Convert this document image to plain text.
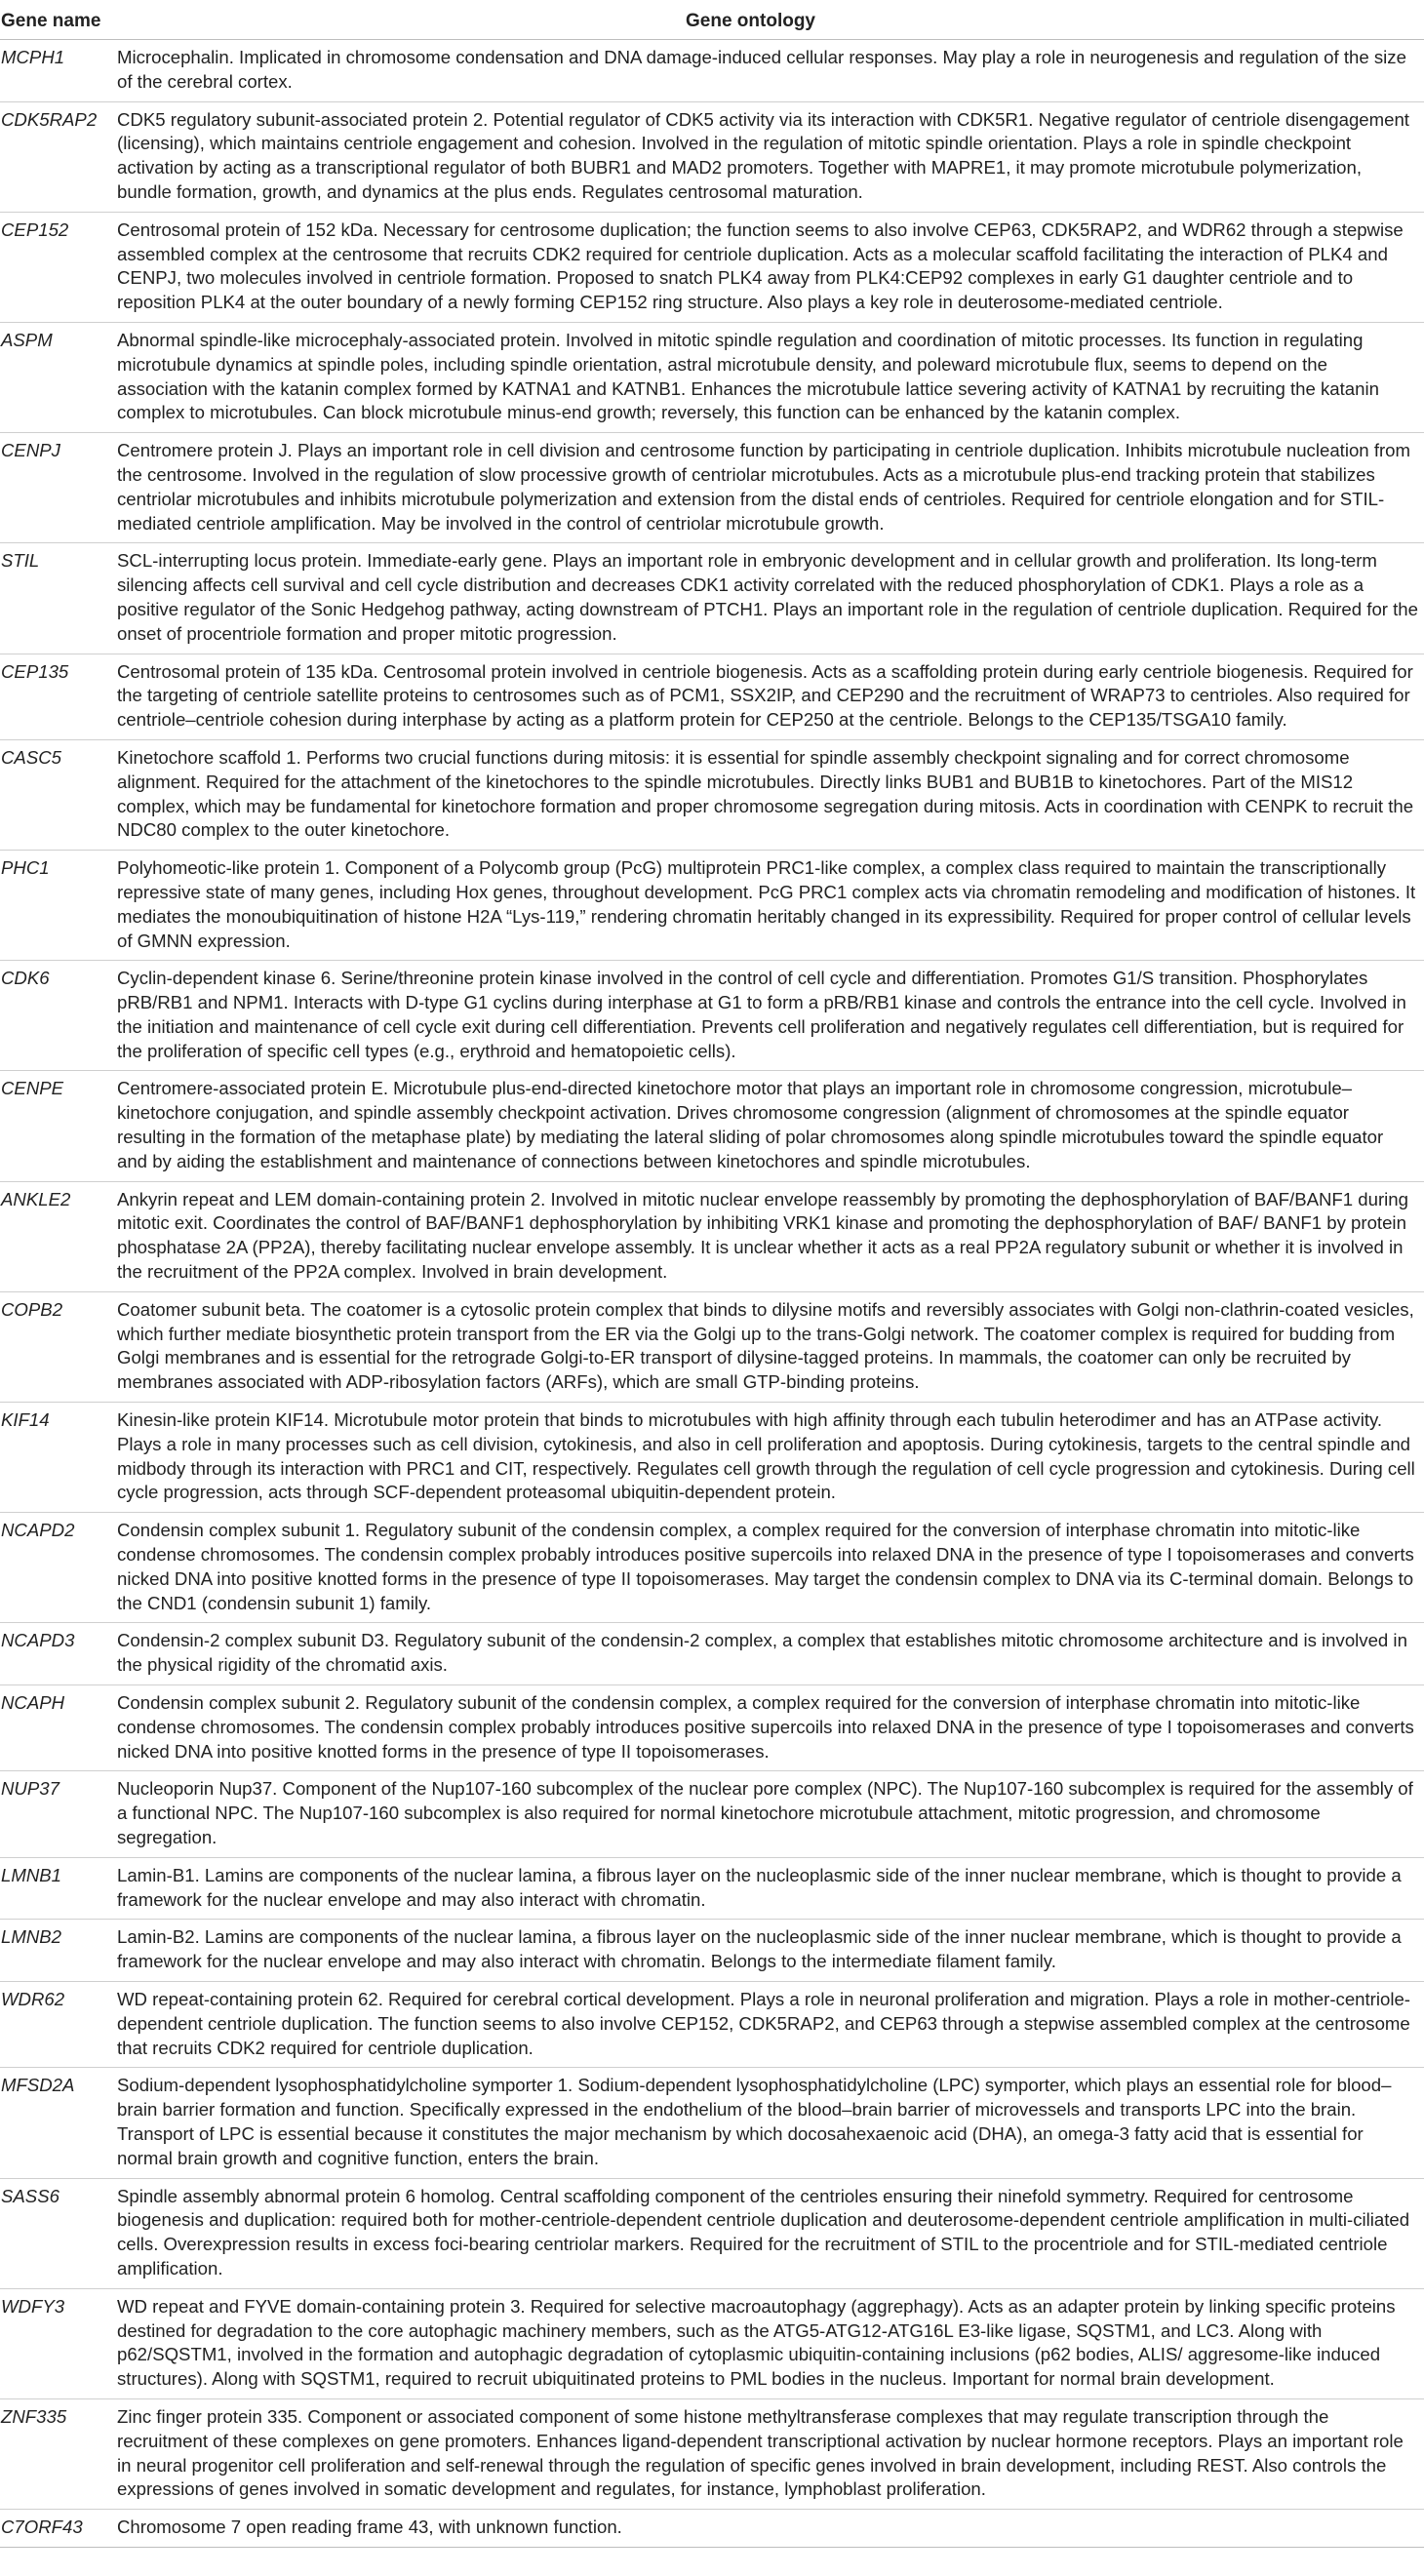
Gene name	Gene ontology
MCPH1	Microcephalin. Implicated in chromosome condensation and DNA damage-induced cellular responses. May play a role in neurogenesis and regulation of the size of the cerebral cortex.
CDK5RAP2	CDK5 regulatory subunit-associated protein 2. Potential regulator of CDK5 activity via its interaction with CDK5R1. Negative regulator of centriole disengagement (licensing), which maintains centriole engagement and cohesion. Involved in the regulation of mitotic spindle orientation. Plays a role in spindle checkpoint activation by acting as a transcriptional regulator of both BUBR1 and MAD2 promoters. Together with MAPRE1, it may promote microtubule polymerization, bundle formation, growth, and dynamics at the plus ends. Regulates centrosomal maturation.
CEP152	Centrosomal protein of 152 kDa. Necessary for centrosome duplication; the function seems to also involve CEP63, CDK5RAP2, and WDR62 through a stepwise assembled complex at the centrosome that recruits CDK2 required for centriole duplication. Acts as a molecular scaffold facilitating the interaction of PLK4 and CENPJ, two molecules involved in centriole formation. Proposed to snatch PLK4 away from PLK4:CEP92 complexes in early G1 daughter centriole and to reposition PLK4 at the outer boundary of a newly forming CEP152 ring structure. Also plays a key role in deuterosome-mediated centriole.
ASPM	Abnormal spindle-like microcephaly-associated protein. Involved in mitotic spindle regulation and coordination of mitotic processes. Its function in regulating microtubule dynamics at spindle poles, including spindle orientation, astral microtubule density, and poleward microtubule flux, seems to depend on the association with the katanin complex formed by KATNA1 and KATNB1. Enhances the microtubule lattice severing activity of KATNA1 by recruiting the katanin complex to microtubules. Can block microtubule minus-end growth; reversely, this function can be enhanced by the katanin complex.
CENPJ	Centromere protein J. Plays an important role in cell division and centrosome function by participating in centriole duplication. Inhibits microtubule nucleation from the centrosome. Involved in the regulation of slow processive growth of centriolar microtubules. Acts as a microtubule plus-end tracking protein that stabilizes centriolar microtubules and inhibits microtubule polymerization and extension from the distal ends of centrioles. Required for centriole elongation and for STIL-mediated centriole amplification. May be involved in the control of centriolar microtubule growth.
STIL	SCL-interrupting locus protein. Immediate-early gene. Plays an important role in embryonic development and in cellular growth and proliferation. Its long-term silencing affects cell survival and cell cycle distribution and decreases CDK1 activity correlated with the reduced phosphorylation of CDK1. Plays a role as a positive regulator of the Sonic Hedgehog pathway, acting downstream of PTCH1. Plays an important role in the regulation of centriole duplication. Required for the onset of procentriole formation and proper mitotic progression.
CEP135	Centrosomal protein of 135 kDa. Centrosomal protein involved in centriole biogenesis. Acts as a scaffolding protein during early centriole biogenesis. Required for the targeting of centriole satellite proteins to centrosomes such as of PCM1, SSX2IP, and CEP290 and the recruitment of WRAP73 to centrioles. Also required for centriole–centriole cohesion during interphase by acting as a platform protein for CEP250 at the centriole. Belongs to the CEP135/TSGA10 family.
CASC5	Kinetochore scaffold 1. Performs two crucial functions during mitosis: it is essential for spindle assembly checkpoint signaling and for correct chromosome alignment. Required for the attachment of the kinetochores to the spindle microtubules. Directly links BUB1 and BUB1B to kinetochores. Part of the MIS12 complex, which may be fundamental for kinetochore formation and proper chromosome segregation during mitosis. Acts in coordination with CENPK to recruit the NDC80 complex to the outer kinetochore.
PHC1	Polyhomeotic-like protein 1. Component of a Polycomb group (PcG) multiprotein PRC1-like complex, a complex class required to maintain the transcriptionally repressive state of many genes, including Hox genes, throughout development. PcG PRC1 complex acts via chromatin remodeling and modification of histones. It mediates the monoubiquitination of histone H2A “Lys-119,” rendering chromatin heritably changed in its expressibility. Required for proper control of cellular levels of GMNN expression.
CDK6	Cyclin-dependent kinase 6. Serine/threonine protein kinase involved in the control of cell cycle and differentiation. Promotes G1/S transition. Phosphorylates pRB/RB1 and NPM1. Interacts with D-type G1 cyclins during interphase at G1 to form a pRB/RB1 kinase and controls the entrance into the cell cycle. Involved in the initiation and maintenance of cell cycle exit during cell differentiation. Prevents cell proliferation and negatively regulates cell differentiation, but is required for the proliferation of specific cell types (e.g., erythroid and hematopoietic cells).
CENPE	Centromere-associated protein E. Microtubule plus-end-directed kinetochore motor that plays an important role in chromosome congression, microtubule–kinetochore conjugation, and spindle assembly checkpoint activation. Drives chromosome congression (alignment of chromosomes at the spindle equator resulting in the formation of the metaphase plate) by mediating the lateral sliding of polar chromosomes along spindle microtubules toward the spindle equator and by aiding the establishment and maintenance of connections between kinetochores and spindle microtubules.
ANKLE2	Ankyrin repeat and LEM domain-containing protein 2. Involved in mitotic nuclear envelope reassembly by promoting the dephosphorylation of BAF/BANF1 during mitotic exit. Coordinates the control of BAF/BANF1 dephosphorylation by inhibiting VRK1 kinase and promoting the dephosphorylation of BAF/ BANF1 by protein phosphatase 2A (PP2A), thereby facilitating nuclear envelope assembly. It is unclear whether it acts as a real PP2A regulatory subunit or whether it is involved in the recruitment of the PP2A complex. Involved in brain development.
COPB2	Coatomer subunit beta. The coatomer is a cytosolic protein complex that binds to dilysine motifs and reversibly associates with Golgi non-clathrin-coated vesicles, which further mediate biosynthetic protein transport from the ER via the Golgi up to the trans-Golgi network. The coatomer complex is required for budding from Golgi membranes and is essential for the retrograde Golgi-to-ER transport of dilysine-tagged proteins. In mammals, the coatomer can only be recruited by membranes associated with ADP-ribosylation factors (ARFs), which are small GTP-binding proteins.
KIF14	Kinesin-like protein KIF14. Microtubule motor protein that binds to microtubules with high affinity through each tubulin heterodimer and has an ATPase activity. Plays a role in many processes such as cell division, cytokinesis, and also in cell proliferation and apoptosis. During cytokinesis, targets to the central spindle and midbody through its interaction with PRC1 and CIT, respectively. Regulates cell growth through the regulation of cell cycle progression and cytokinesis. During cell cycle progression, acts through SCF-dependent proteasomal ubiquitin-dependent protein.
NCAPD2	Condensin complex subunit 1. Regulatory subunit of the condensin complex, a complex required for the conversion of interphase chromatin into mitotic-like condense chromosomes. The condensin complex probably introduces positive supercoils into relaxed DNA in the presence of type I topoisomerases and converts nicked DNA into positive knotted forms in the presence of type II topoisomerases. May target the condensin complex to DNA via its C-terminal domain. Belongs to the CND1 (condensin subunit 1) family.
NCAPD3	Condensin-2 complex subunit D3. Regulatory subunit of the condensin-2 complex, a complex that establishes mitotic chromosome architecture and is involved in the physical rigidity of the chromatid axis.
NCAPH	Condensin complex subunit 2. Regulatory subunit of the condensin complex, a complex required for the conversion of interphase chromatin into mitotic-like condense chromosomes. The condensin complex probably introduces positive supercoils into relaxed DNA in the presence of type I topoisomerases and converts nicked DNA into positive knotted forms in the presence of type II topoisomerases.
NUP37	Nucleoporin Nup37. Component of the Nup107-160 subcomplex of the nuclear pore complex (NPC). The Nup107-160 subcomplex is required for the assembly of a functional NPC. The Nup107-160 subcomplex is also required for normal kinetochore microtubule attachment, mitotic progression, and chromosome segregation.
LMNB1	Lamin-B1. Lamins are components of the nuclear lamina, a fibrous layer on the nucleoplasmic side of the inner nuclear membrane, which is thought to provide a framework for the nuclear envelope and may also interact with chromatin.
LMNB2	Lamin-B2. Lamins are components of the nuclear lamina, a fibrous layer on the nucleoplasmic side of the inner nuclear membrane, which is thought to provide a framework for the nuclear envelope and may also interact with chromatin. Belongs to the intermediate filament family.
WDR62	WD repeat-containing protein 62. Required for cerebral cortical development. Plays a role in neuronal proliferation and migration. Plays a role in mother-centriole-dependent centriole duplication. The function seems to also involve CEP152, CDK5RAP2, and CEP63 through a stepwise assembled complex at the centrosome that recruits CDK2 required for centriole duplication.
MFSD2A	Sodium-dependent lysophosphatidylcholine symporter 1. Sodium-dependent lysophosphatidylcholine (LPC) symporter, which plays an essential role for blood–brain barrier formation and function. Specifically expressed in the endothelium of the blood–brain barrier of microvessels and transports LPC into the brain. Transport of LPC is essential because it constitutes the major mechanism by which docosahexaenoic acid (DHA), an omega-3 fatty acid that is essential for normal brain growth and cognitive function, enters the brain.
SASS6	Spindle assembly abnormal protein 6 homolog. Central scaffolding component of the centrioles ensuring their ninefold symmetry. Required for centrosome biogenesis and duplication: required both for mother-centriole-dependent centriole duplication and deuterosome-dependent centriole amplification in multi-ciliated cells. Overexpression results in excess foci-bearing centriolar markers. Required for the recruitment of STIL to the procentriole and for STIL-mediated centriole amplification.
WDFY3	WD repeat and FYVE domain-containing protein 3. Required for selective macroautophagy (aggrephagy). Acts as an adapter protein by linking specific proteins destined for degradation to the core autophagic machinery members, such as the ATG5-ATG12-ATG16L E3-like ligase, SQSTM1, and LC3. Along with p62/SQSTM1, involved in the formation and autophagic degradation of cytoplasmic ubiquitin-containing inclusions (p62 bodies, ALIS/ aggresome-like induced structures). Along with SQSTM1, required to recruit ubiquitinated proteins to PML bodies in the nucleus. Important for normal brain development.
ZNF335	Zinc finger protein 335. Component or associated component of some histone methyltransferase complexes that may regulate transcription through the recruitment of these complexes on gene promoters. Enhances ligand-dependent transcriptional activation by nuclear hormone receptors. Plays an important role in neural progenitor cell proliferation and self-renewal through the regulation of specific genes involved in brain development, including REST. Also controls the expressions of genes involved in somatic development and regulates, for instance, lymphoblast proliferation.
C7ORF43	Chromosome 7 open reading frame 43, with unknown function.
